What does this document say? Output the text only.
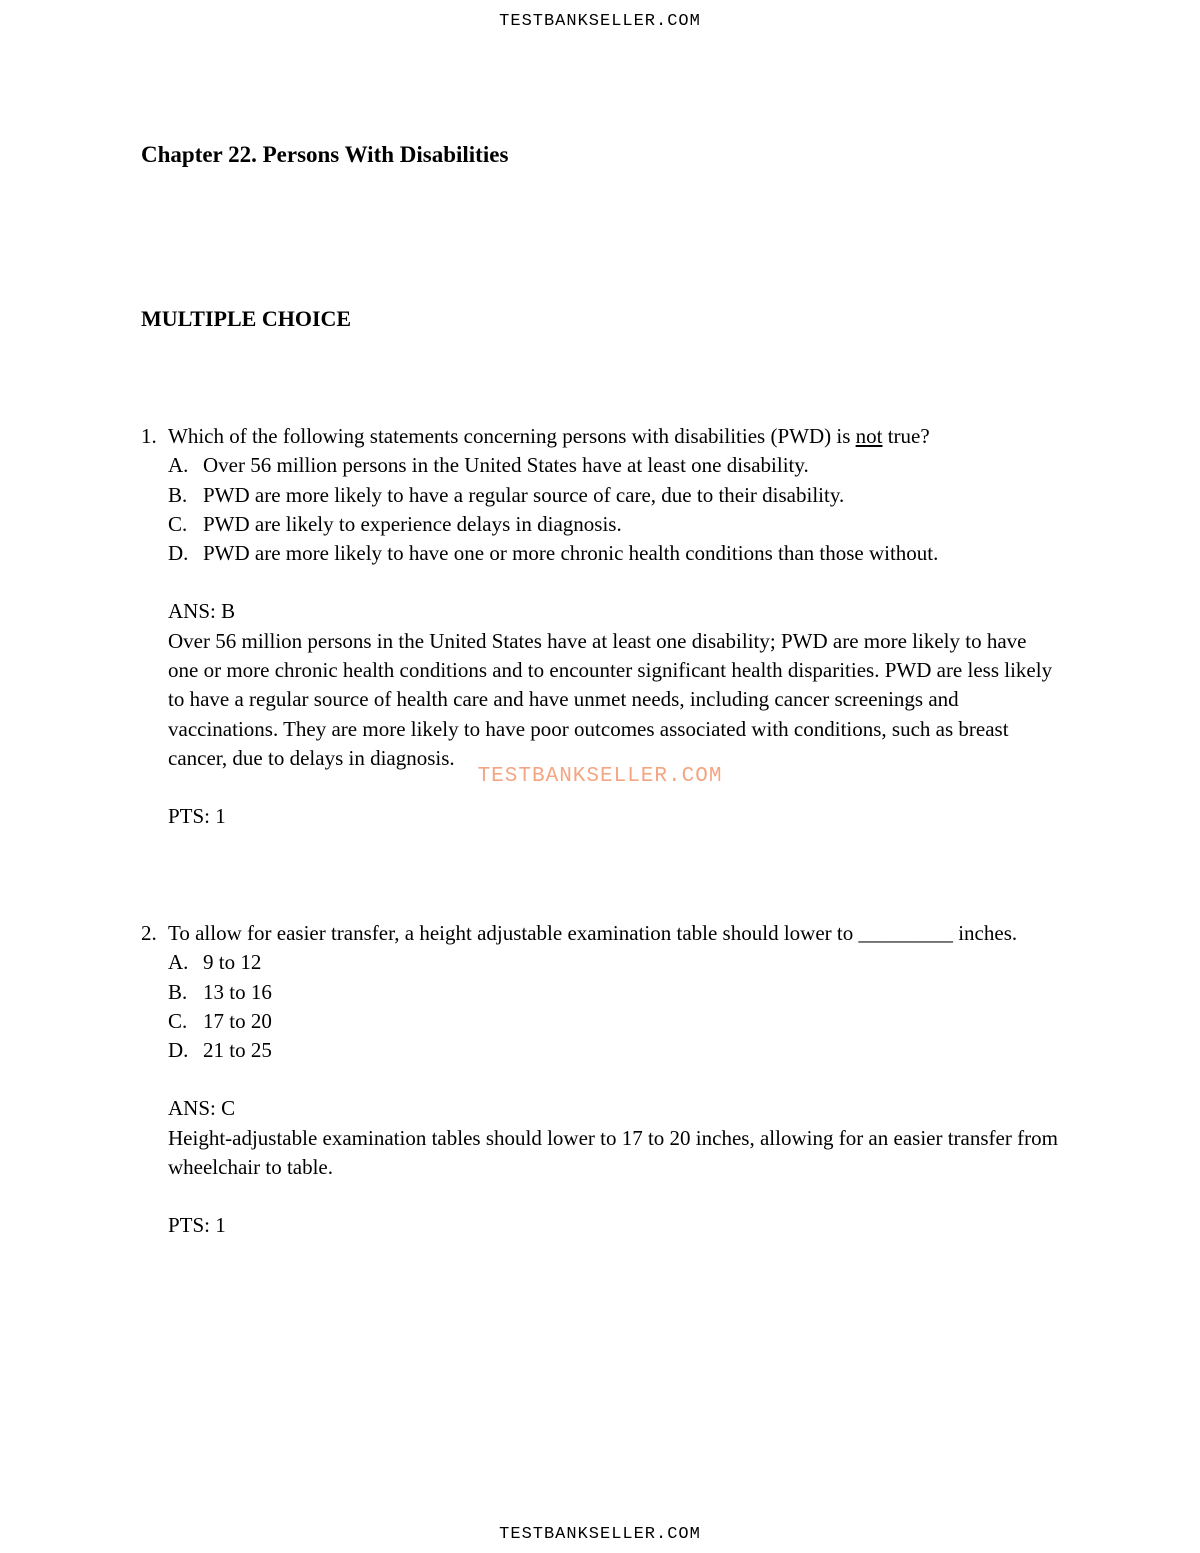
TESTBANKSELLER.COM
Chapter 22. Persons With Disabilities
MULTIPLE CHOICE
1. Which of the following statements concerning persons with disabilities (PWD) is not true?
A. Over 56 million persons in the United States have at least one disability.
B. PWD are more likely to have a regular source of care, due to their disability.
C. PWD are likely to experience delays in diagnosis.
D. PWD are more likely to have one or more chronic health conditions than those without.
ANS: B
Over 56 million persons in the United States have at least one disability; PWD are more likely to have one or more chronic health conditions and to encounter significant health disparities. PWD are less likely to have a regular source of health care and have unmet needs, including cancer screenings and vaccinations. They are more likely to have poor outcomes associated with conditions, such as breast cancer, due to delays in diagnosis.
PTS: 1
TESTBANKSELLER.COM
2. To allow for easier transfer, a height adjustable examination table should lower to _________ inches.
A. 9 to 12
B. 13 to 16
C. 17 to 20
D. 21 to 25
ANS: C
Height-adjustable examination tables should lower to 17 to 20 inches, allowing for an easier transfer from wheelchair to table.
PTS: 1
TESTBANKSELLER.COM
